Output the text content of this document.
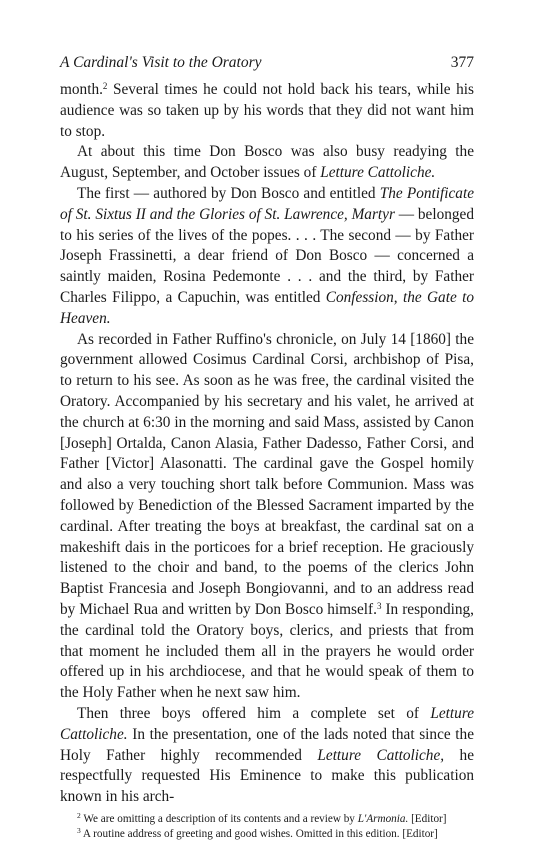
A Cardinal's Visit to the Oratory	377

month.$^2$ Several times he could not hold back his tears, while his audience was so taken up by his words that they did not want him to stop.

At about this time Don Bosco was also busy readying the August, September, and October issues of Letture Cattoliche.

The first — authored by Don Bosco and entitled The Pontificate of St. Sixtus II and the Glories of St. Lawrence, Martyr — belonged to his series of the lives of the popes. . . . The second — by Father Joseph Frassinetti, a dear friend of Don Bosco — concerned a saintly maiden, Rosina Pedemonte . . . and the third, by Father Charles Filippo, a Capuchin, was entitled Confession, the Gate to Heaven.

As recorded in Father Ruffino's chronicle, on July 14 [1860] the government allowed Cosimus Cardinal Corsi, archbishop of Pisa, to return to his see. As soon as he was free, the cardinal visited the Oratory. Accompanied by his secretary and his valet, he arrived at the church at 6:30 in the morning and said Mass, assisted by Canon [Joseph] Ortalda, Canon Alasia, Father Dadesso, Father Corsi, and Father [Victor] Alasonatti. The cardinal gave the Gospel homily and also a very touching short talk before Communion. Mass was followed by Benediction of the Blessed Sacrament imparted by the cardinal. After treating the boys at breakfast, the cardinal sat on a makeshift dais in the porticoes for a brief reception. He graciously listened to the choir and band, to the poems of the clerics John Baptist Francesia and Joseph Bongiovanni, and to an address read by Michael Rua and written by Don Bosco himself.$^3$ In responding, the cardinal told the Oratory boys, clerics, and priests that from that moment he included them all in the prayers he would order offered up in his archdiocese, and that he would speak of them to the Holy Father when he next saw him.

Then three boys offered him a complete set of Letture Cattoliche. In the presentation, one of the lads noted that since the Holy Father highly recommended Letture Cattoliche, he respectfully requested His Eminence to make this publication known in his arch-

$^2$ We are omitting a description of its contents and a review by L'Armonia. [Editor]

$^3$ A routine address of greeting and good wishes. Omitted in this edition. [Editor]
